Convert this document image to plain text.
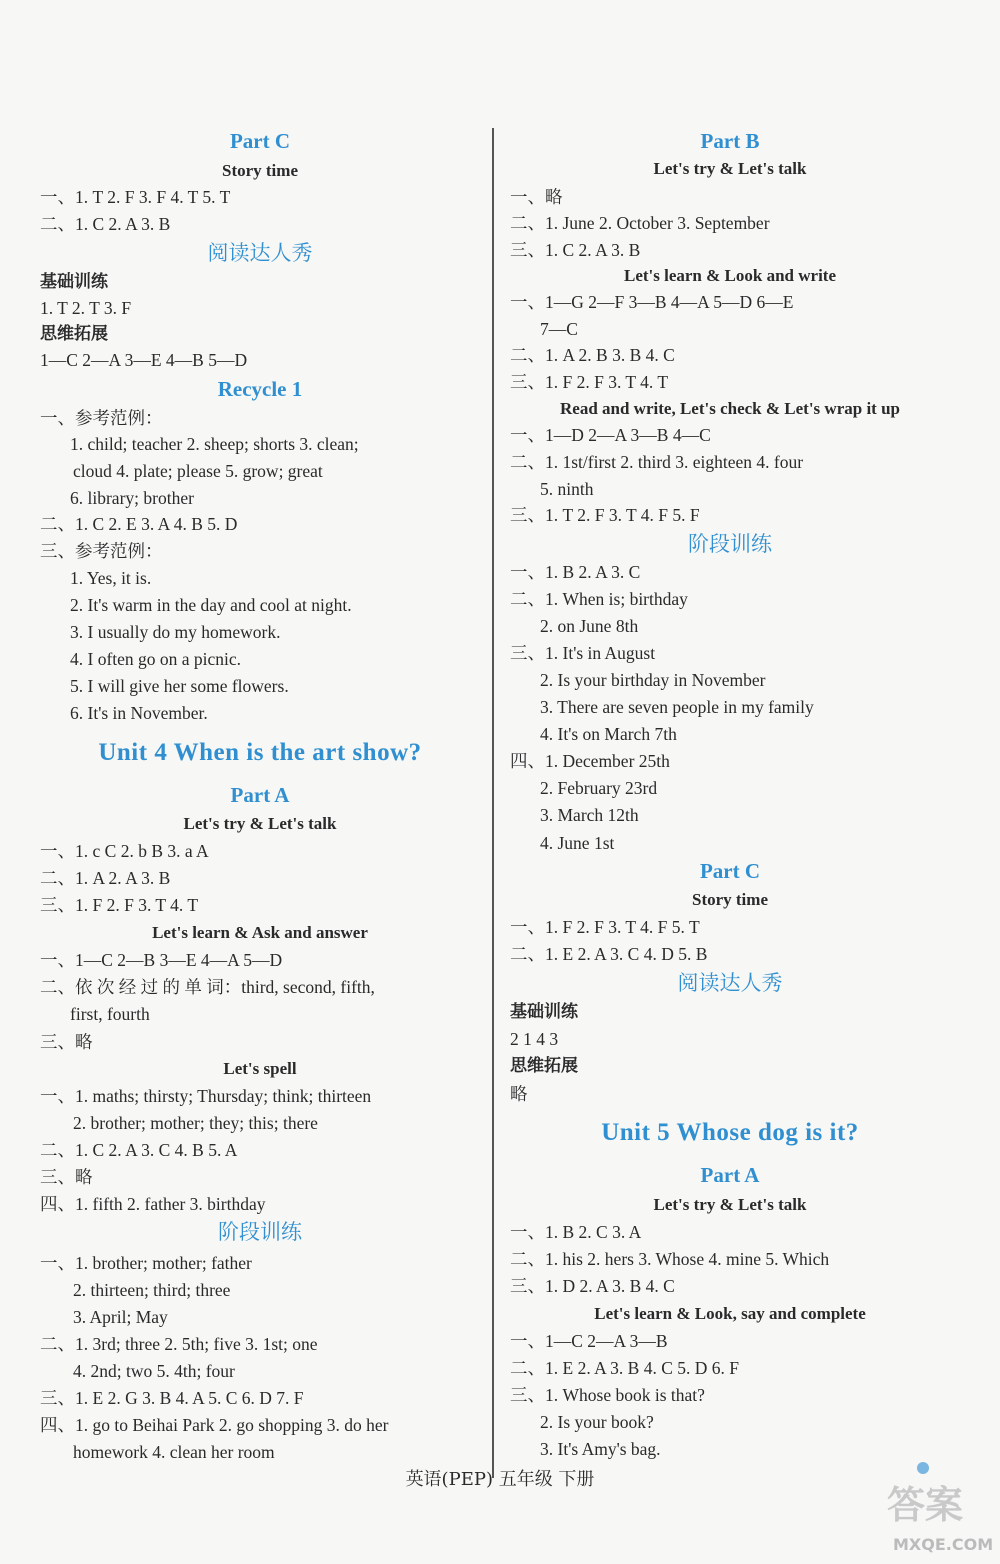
Part C
Story time
一、1. T 2. F 3. F 4. T 5. T
二、1. C 2. A 3. B
阅读达人秀
基础训练
1. T 2. T 3. F
思维拓展
1—C 2—A 3—E 4—B 5—D
Recycle 1
一、参考范例：
1. child; teacher 2. sheep; shorts 3. clean;
cloud 4. plate; please 5. grow; great
6. library; brother
二、1. C 2. E 3. A 4. B 5. D
三、参考范例：
1. Yes, it is.
2. It's warm in the day and cool at night.
3. I usually do my homework.
4. I often go on a picnic.
5. I will give her some flowers.
6. It's in November.
Unit 4 When is the art show?
Part A
Let's try & Let's talk
一、1. c C 2. b B 3. a A
二、1. A 2. A 3. B
三、1. F 2. F 3. T 4. T
Let's learn & Ask and answer
一、1—C 2—B 3—E 4—A 5—D
二、依 次 经 过 的 单 词：third, second, fifth,
first, fourth
三、略
Let's spell
一、1. maths; thirsty; Thursday; think; thirteen
2. brother; mother; they; this; there
二、1. C 2. A 3. C 4. B 5. A
三、略
四、1. fifth 2. father 3. birthday
阶段训练
一、1. brother; mother; father
2. thirteen; third; three
3. April; May
二、1. 3rd; three 2. 5th; five 3. 1st; one
4. 2nd; two 5. 4th; four
三、1. E 2. G 3. B 4. A 5. C 6. D 7. F
四、1. go to Beihai Park 2. go shopping 3. do her
homework 4. clean her room
Part B
Let's try & Let's talk
一、略
二、1. June 2. October 3. September
三、1. C 2. A 3. B
Let's learn & Look and write
一、1—G 2—F 3—B 4—A 5—D 6—E
7—C
二、1. A 2. B 3. B 4. C
三、1. F 2. F 3. T 4. T
Read and write, Let's check & Let's wrap it up
一、1—D 2—A 3—B 4—C
二、1. 1st/first 2. third 3. eighteen 4. four
5. ninth
三、1. T 2. F 3. T 4. F 5. F
阶段训练
一、1. B 2. A 3. C
二、1. When is; birthday
2. on June 8th
三、1. It's in August
2. Is your birthday in November
3. There are seven people in my family
4. It's on March 7th
四、1. December 25th
2. February 23rd
3. March 12th
4. June 1st
Part C
Story time
一、1. F 2. F 3. T 4. F 5. T
二、1. E 2. A 3. C 4. D 5. B
阅读达人秀
基础训练
2 1 4 3
思维拓展
略
Unit 5 Whose dog is it?
Part A
Let's try & Let's talk
一、1. B 2. C 3. A
二、1. his 2. hers 3. Whose 4. mine 5. Which
三、1. D 2. A 3. B 4. C
Let's learn & Look, say and complete
一、1—C 2—A 3—B
二、1. E 2. A 3. B 4. C 5. D 6. F
三、1. Whose book is that?
2. Is your book?
3. It's Amy's bag.
英语(PEP) 五年级 下册
答案
MXQE.COM
